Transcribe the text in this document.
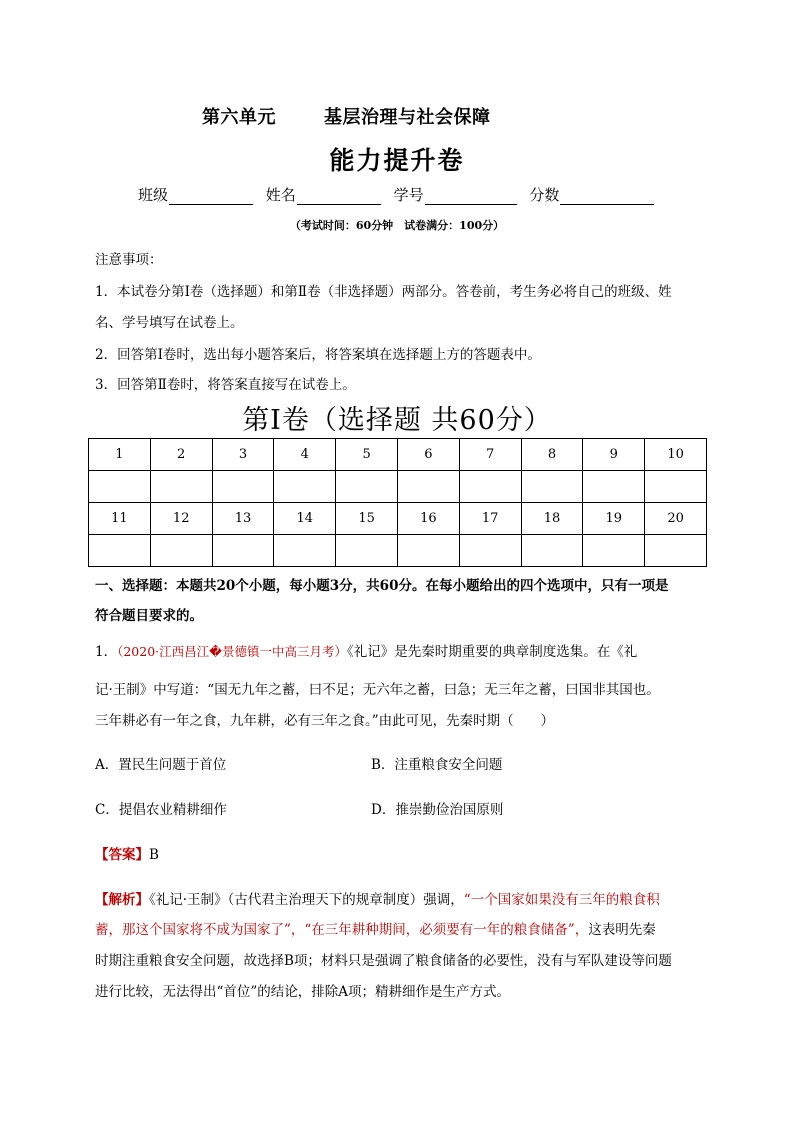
第六单元	基层治理与社会保障
能力提升卷
班级	姓名	学号	分数
（考试时间：60分钟　试卷满分：100分）
注意事项：
1．本试卷分第Ⅰ卷（选择题）和第Ⅱ卷（非选择题）两部分。答卷前，考生务必将自己的班级、姓
名、学号填写在试卷上。
2．回答第Ⅰ卷时，选出每小题答案后，将答案填在选择题上方的答题表中。
3．回答第Ⅱ卷时，将答案直接写在试卷上。
第Ⅰ卷（选择题 共60分）
1	2	3	4	5	6	7	8	9	10

11	12	13	14	15	16	17	18	19	20

一、选择题：本题共20个小题，每小题3分，共60分。在每小题给出的四个选项中，只有一项是
符合题目要求的。
1．（2020·江西昌江�景德镇一中高三月考）《礼记》是先秦时期重要的典章制度选集。在《礼
记·王制》中写道：“国无九年之蓄，曰不足；无六年之蓄，曰急；无三年之蓄，曰国非其国也。
三年耕必有一年之食，九年耕，必有三年之食。”由此可见，先秦时期（　　）
A．置民生问题于首位	B．注重粮食安全问题
C．提倡农业精耕细作	D．推崇勤俭治国原则
【答案】B
【解析】《礼记·王制》（古代君主治理天下的规章制度）强调，“一个国家如果没有三年的粮食积
蓄，那这个国家将不成为国家了”，“在三年耕种期间，必须要有一年的粮食储备”，这表明先秦
时期注重粮食安全问题，故选择B项；材料只是强调了粮食储备的必要性，没有与军队建设等问题
进行比较，无法得出“首位”的结论，排除A项；精耕细作是生产方式。
